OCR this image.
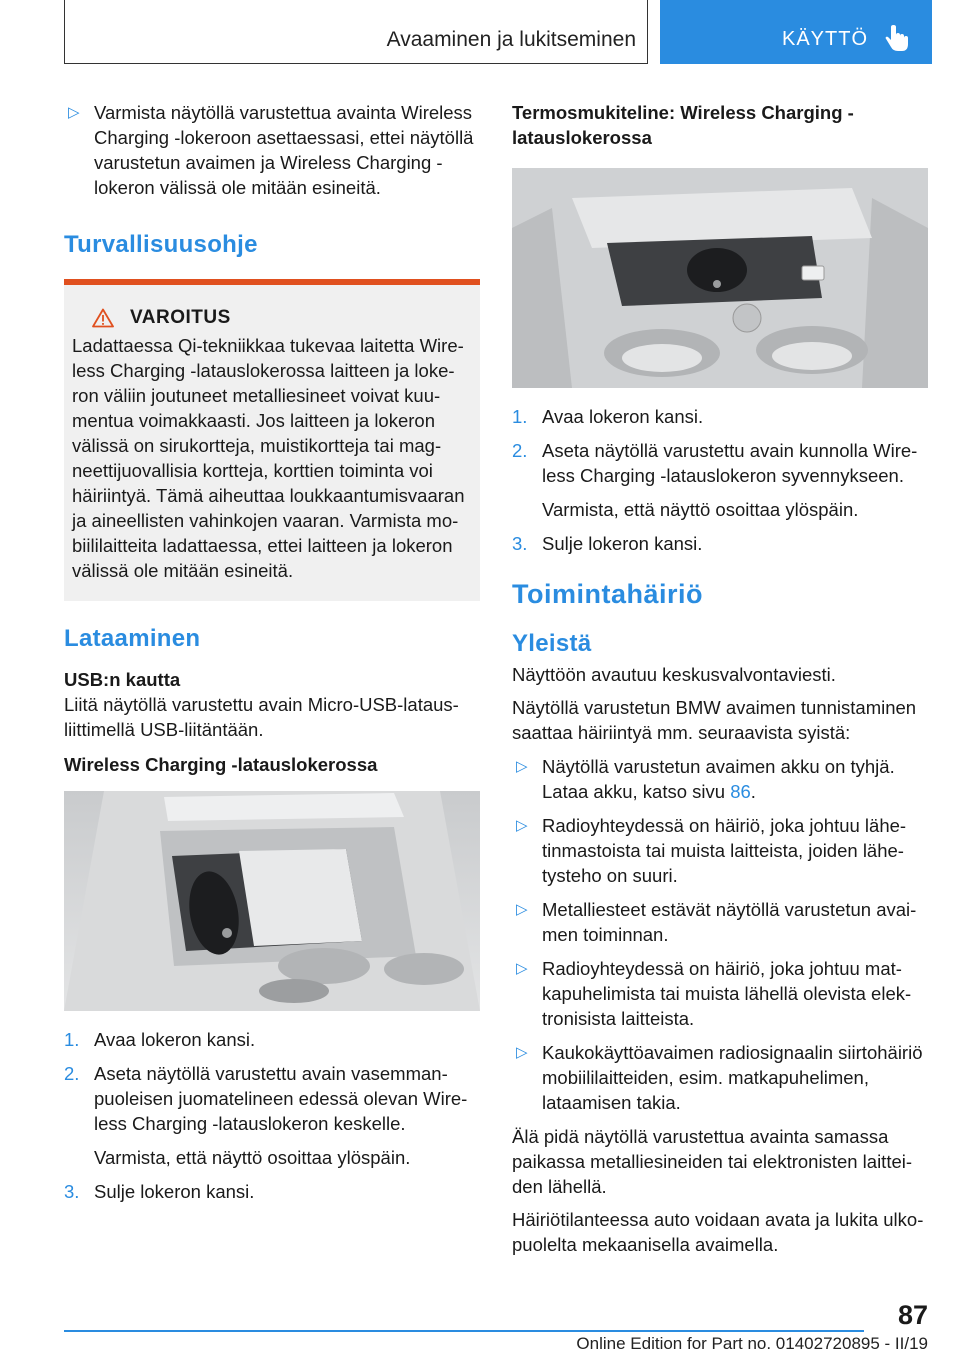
Avaaminen ja lukitseminen	KÄYTTÖ
▷ Varmista näytöllä varustettua avainta Wireless Charging -lokeroon asettaessasi, ettei näytöllä varustetun avaimen ja Wireless Charging -lokeron välissä ole mitään esineitä.
Turvallisuusohje
VAROITUS

Ladattaessa Qi-tekniikkaa tukevaa laitetta Wireless Charging -latauslokerossa laitteen ja lokeron väliin joutuneet metalliesineet voivat kuumentua voimakkaasti. Jos laitteen ja lokeron välissä on sirukortteja, muistikortteja tai magneettijuovallisia kortteja, korttien toiminta voi häiriintyä. Tämä aiheuttaa loukkaantumisvaaran ja aineellisten vahinkojen vaaran. Varmista mobiililaitteita ladattaessa, ettei laitteen ja lokeron välissä ole mitään esineitä.

Lataaminen
USB:n kautta

Liitä näytöllä varustettu avain Micro-USB-latausliittimellä USB-liitäntään.

Wireless Charging -latauslokerossa
1. Avaa lokeron kansi.
2. Aseta näytöllä varustettu avain vasemmanpuoleisen juomatelineen edessä olevan Wireless Charging -latauslokeron keskelle.

Varmista, että näyttö osoittaa ylöspäin.

3. Sulje lokeron kansi.
Termosmukiteline: Wireless Charging -latauslokerossa
1. Avaa lokeron kansi.
2. Aseta näytöllä varustettu avain kunnolla Wireless Charging -latauslokeron syvennykseen.

Varmista, että näyttö osoittaa ylöspäin.

3. Sulje lokeron kansi.
Toimintahäiriö
Yleistä

Näyttöön avautuu keskusvalvontaviesti.

Näytöllä varustetun BMW avaimen tunnistaminen saattaa häiriintyä mm. seuraavista syistä:

▷ Näytöllä varustetun avaimen akku on tyhjä. Lataa akku, katso sivu 86.
▷ Radioyhteydessä on häiriö, joka johtuu lähetinmastoista tai muista laitteista, joiden lähetysteho on suuri.
▷ Metalliesteet estävät näytöllä varustetun avaimen toiminnan.
▷ Radioyhteydessä on häiriö, joka johtuu matkapuhelimista tai muista lähellä olevista elektronisista laitteista.
▷ Kaukokäyttöavaimen radiosignaalin siirtohäiriö mobiililaitteiden, esim. matkapuhelimen, lataamisen takia.

Älä pidä näytöllä varustettua avainta samassa paikassa metalliesineiden tai elektronisten laitteiden lähellä.

Häiriötilanteessa auto voidaan avata ja lukita ulkopuolelta mekaanisella avaimella.

87
Online Edition for Part no. 01402720895 - II/19
